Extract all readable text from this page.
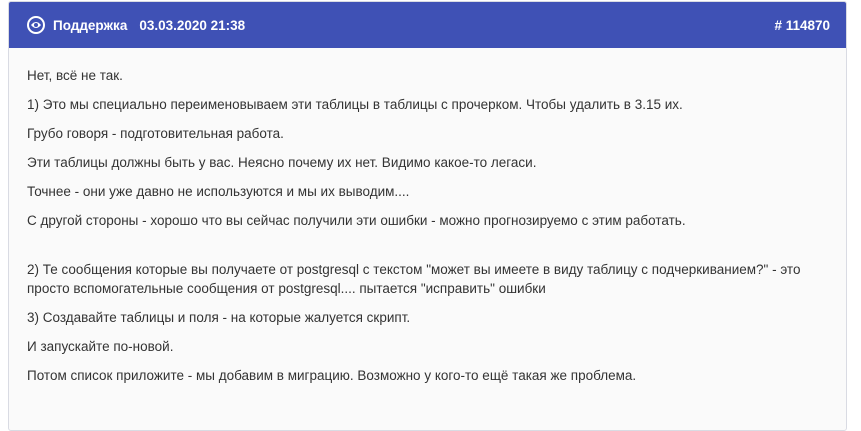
Поддержка 03.03.2020 21:38	# 114870

Нет, всё не так.

1) Это мы специально переименовываем эти таблицы в таблицы с прочерком. Чтобы удалить в 3.15 их.

Грубо говоря - подготовительная работа.

Эти таблицы должны быть у вас. Неясно почему их нет. Видимо какое-то легаси.

Точнее - они уже давно не используются и мы их выводим....

С другой стороны - хорошо что вы сейчас получили эти ошибки - можно прогнозируемо с этим работать.

2) Те сообщения которые вы получаете от postgresql с текстом "может вы имеете в виду таблицу с подчеркиванием?" - это просто вспомогательные сообщения от postgresql.... пытается "исправить" ошибки

3) Создавайте таблицы и поля - на которые жалуется скрипт.

И запускайте по-новой.

Потом список приложите - мы добавим в миграцию. Возможно у кого-то ещё такая же проблема.
